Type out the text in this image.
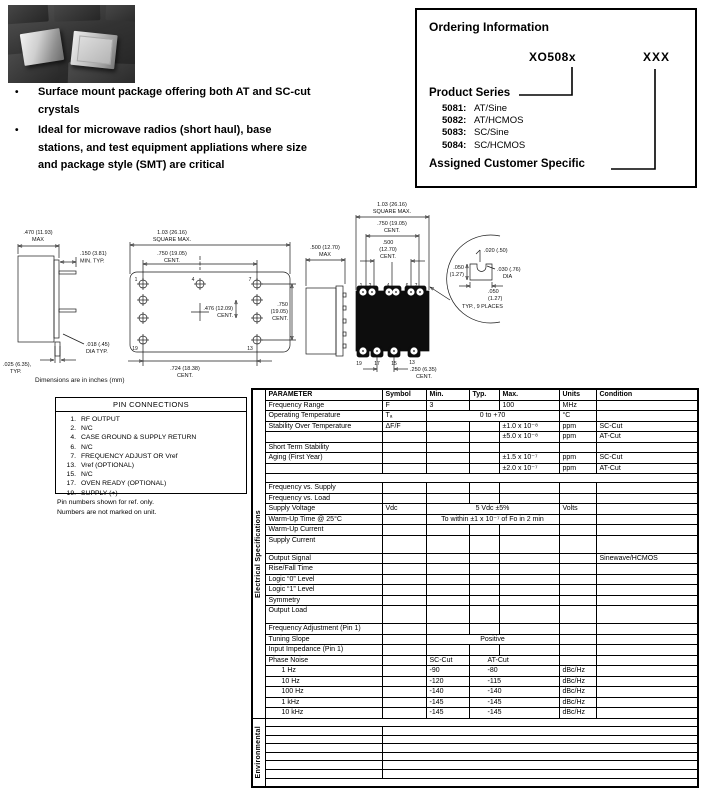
•	Surface mount package offering both AT and SC-cut crystals
•	Ideal for microwave radios (short haul), base stations, and test equipment appliations where size and package style (SMT) are critical
Ordering Information
XO508x	XXX
Product Series
5081: AT/Sine
5082: AT/HCMOS
5083: SC/Sine
5084: SC/HCMOS
Assigned Customer Specific
.470 (11.93)
MAX
.150 (3.81)
MIN. TYP.
.025 (6.35),
TYP.
.018 (.45)
DIA TYP.
1.03 (26.16)
SQUARE MAX.
.750 (19.05)
CENT.
1	4	7
19	13
.476 (12.09)
CENT.
.750
(19.05)
CENT.
.724 (18.38)
CENT.
.500 (12.70)
MAX
1.03 (26.16)
SQUARE MAX.
.750 (19.05)
CENT.
.500
(12.70)
CENT.
19 17 15 13
.250 (6.35)
CENT.
.020 (.50)
.050
(1.27)
.030 (.76)
DIA
.050
(1.27)
TYP., 9 PLACES
Dimensions are in inches (mm)
PIN CONNECTIONS
1. RF OUTPUT
2. N/C
4. CASE GROUND & SUPPLY RETURN
6. N/C
7. FREQUENCY ADJUST OR Vref
13. Vref (OPTIONAL)
15. N/C
17. OVEN READY (OPTIONAL)
19. SUPPLY (+)
Pin numbers shown for ref. only.
Numbers are not marked on unit.	Electrical Specifications	PARAMETER	Symbol	Min.	Typ.	Max.	Units	Condition
	Frequency Range	F	3		100	MHz	
	Operating Temperature	Tₐ	0 to +70			°C	
	Stability Over Temperature	ΔF/F			±1.0 x 10⁻⁸	ppm	SC-Cut
					±5.0 x 10⁻⁸	ppm	AT-Cut
	Short Term Stability						
	Aging (First Year)				±1.5 x 10⁻⁷	ppm	SC-Cut
					±2.0 x 10⁻⁷	ppm	AT-Cut

	Frequency vs. Supply						
	Frequency vs. Load						
	Supply Voltage	Vdc	5 Vdc ±5%			Volts	
	Warm-Up Time @ 25°C		To within ±1 x 10⁻⁷ of Fo in 2 min				
	Warm-Up Current						
	Supply Current						
	Output Signal						Sinewave/HCMOS
	Rise/Fall Time						
	Logic “0” Level						
	Logic “1” Level						
	Symmetry						
	Output Load						
	Frequency Adjustment (Pin 1)						
	Tuning Slope		Positive				
	Input Impedance (Pin 1)						
	Phase Noise		SC-Cut	AT-Cut			
	1 Hz		-90	-80		dBc/Hz	
	10 Hz		-120	-115		dBc/Hz	
	100 Hz		-140	-140		dBc/Hz	
	1 kHz		-145	-145		dBc/Hz	
	10 kHz		-145	-145		dBc/Hz	

Environmental							
